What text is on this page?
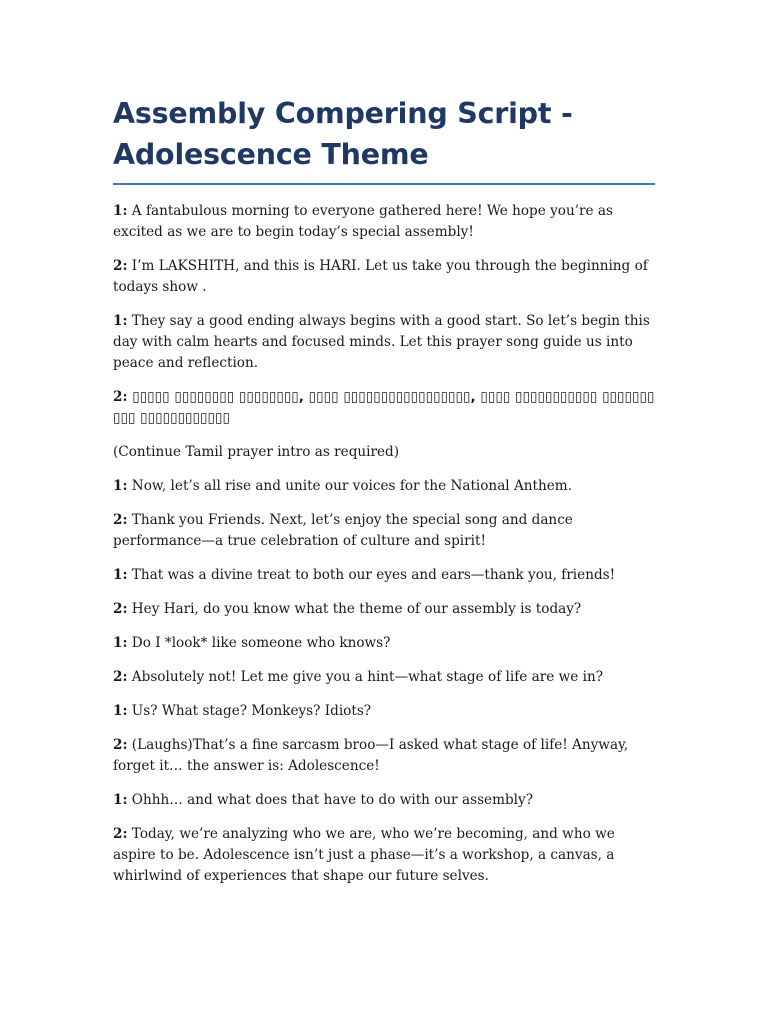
Assembly Compering Script - Adolescence Theme

1: A fantabulous morning to everyone gathered here! We hope you’re as excited as we are to begin today’s special assembly!

2: I’m LAKSHITH, and this is HARI. Let us take you through the beginning of todays show .

1: They say a good ending always begins with a good start. So let’s begin this day with calm hearts and focused minds. Let this prayer song guide us into peace and reflection.

2: ▯▯▯▯▯ ▯▯▯▯▯▯▯▯ ▯▯▯▯▯▯▯▯, ▯▯▯▯ ▯▯▯▯▯▯▯▯▯▯▯▯▯▯▯▯▯, ▯▯▯▯ ▯▯▯▯▯▯▯▯▯▯▯ ▯▯▯▯▯▯▯▯▯▯ ▯▯▯▯▯▯▯▯▯▯▯▯

(Continue Tamil prayer intro as required)

1: Now, let’s all rise and unite our voices for the National Anthem.

2: Thank you Friends. Next, let’s enjoy the special song and dance performance—a true celebration of culture and spirit!

1: That was a divine treat to both our eyes and ears—thank you, friends!

2: Hey Hari, do you know what the theme of our assembly is today?

1: Do I *look* like someone who knows?

2: Absolutely not! Let me give you a hint—what stage of life are we in?

1: Us? What stage? Monkeys? Idiots?

2: (Laughs)That’s a fine sarcasm broo—I asked what stage of life! Anyway, forget it… the answer is: Adolescence!

1: Ohhh… and what does that have to do with our assembly?

2: Today, we’re analyzing who we are, who we’re becoming, and who we aspire to be. Adolescence isn’t just a phase—it’s a workshop, a canvas, a whirlwind of experiences that shape our future selves.
